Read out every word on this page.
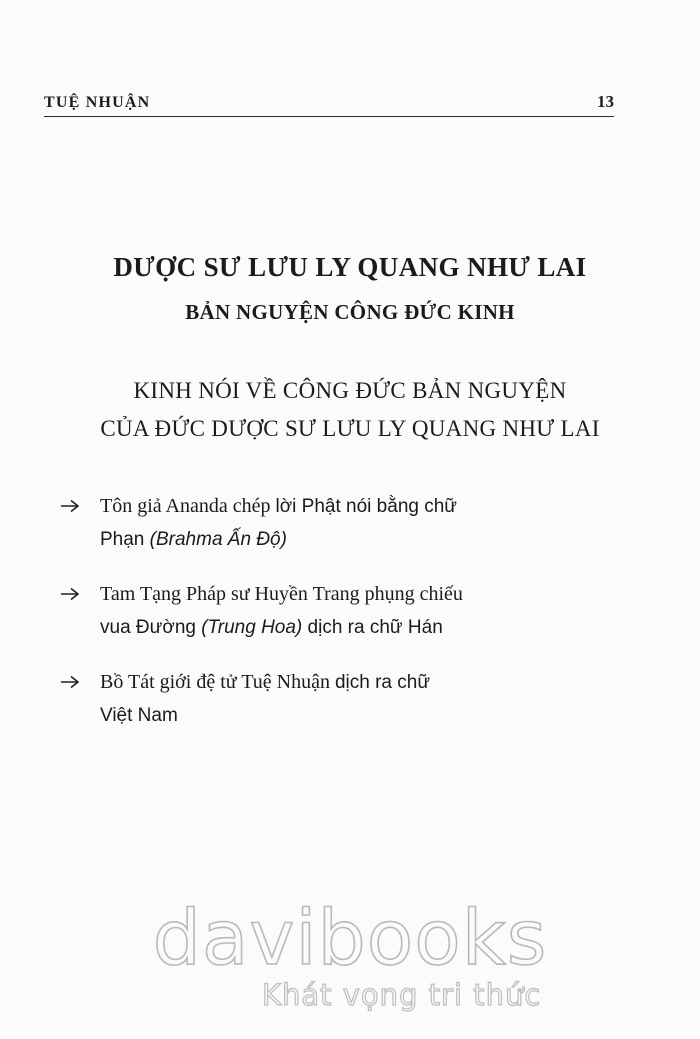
TUỆ NHUẬN	13
DƯỢC SƯ LƯU LY QUANG NHƯ LAI
BẢN NGUYỆN CÔNG ĐỨC KINH
KINH NÓI VỀ CÔNG ĐỨC BẢN NGUYỆN
CỦA ĐỨC DƯỢC SƯ LƯU LY QUANG NHƯ LAI
Tôn giả Ananda chép lời Phật nói bằng chữ
Phạn (Brahma Ấn Độ)
Tam Tạng Pháp sư Huyền Trang phụng chiếu
vua Đường (Trung Hoa) dịch ra chữ Hán
Bồ Tát giới đệ tử Tuệ Nhuận dịch ra chữ
Việt Nam
davibooks
Khát vọng tri thức
